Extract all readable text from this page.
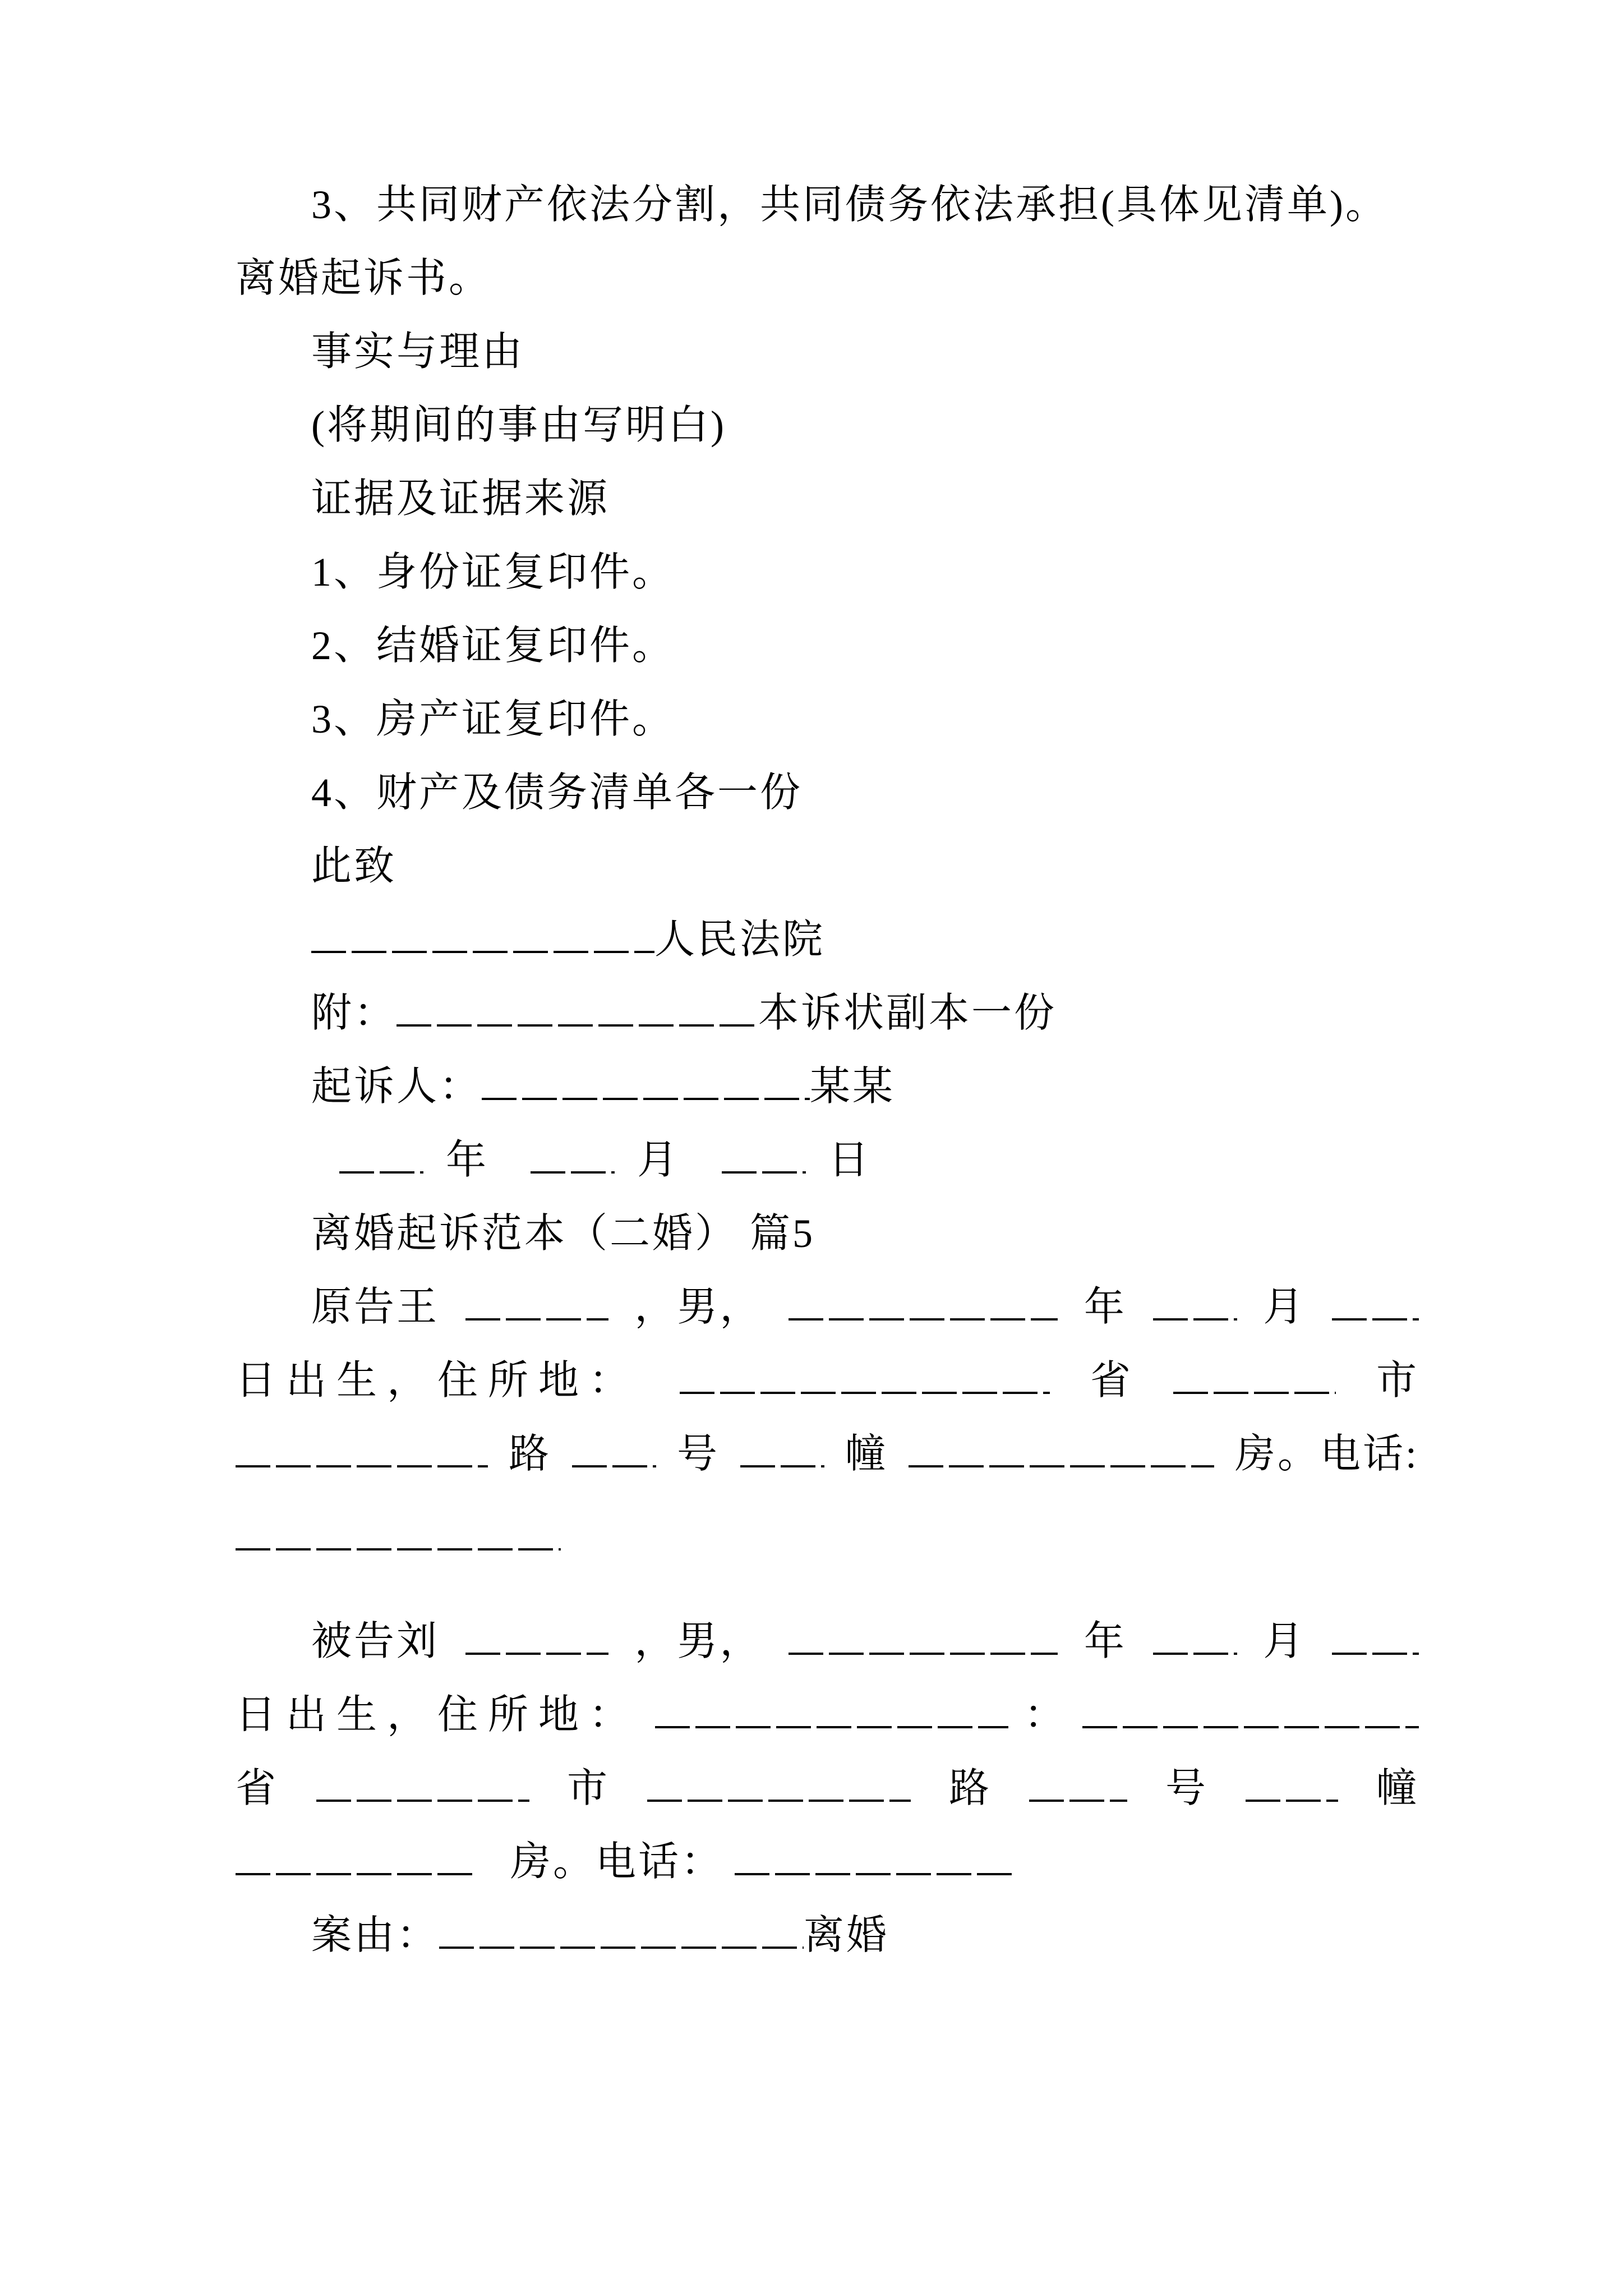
3、共同财产依法分割，共同债务依法承担(具体见清单)。
离婚起诉书。
事实与理由
(将期间的事由写明白)
证据及证据来源
1、身份证复印件。
2、结婚证复印件。
3、房产证复印件。
4、财产及债务清单各一份
此致
人民法院
附：	本诉状副本一份
起诉人：	某某
年	月	日
离婚起诉范本（二婚） 篇5
原告王	，男，	年	月
日出生，住所地：	省	市
路	号	幢	房。电话:
被告刘	，男，	年	月
日出生，住所地：	：
省	市	路	号	幢
房。电话：
案由：	离婚
